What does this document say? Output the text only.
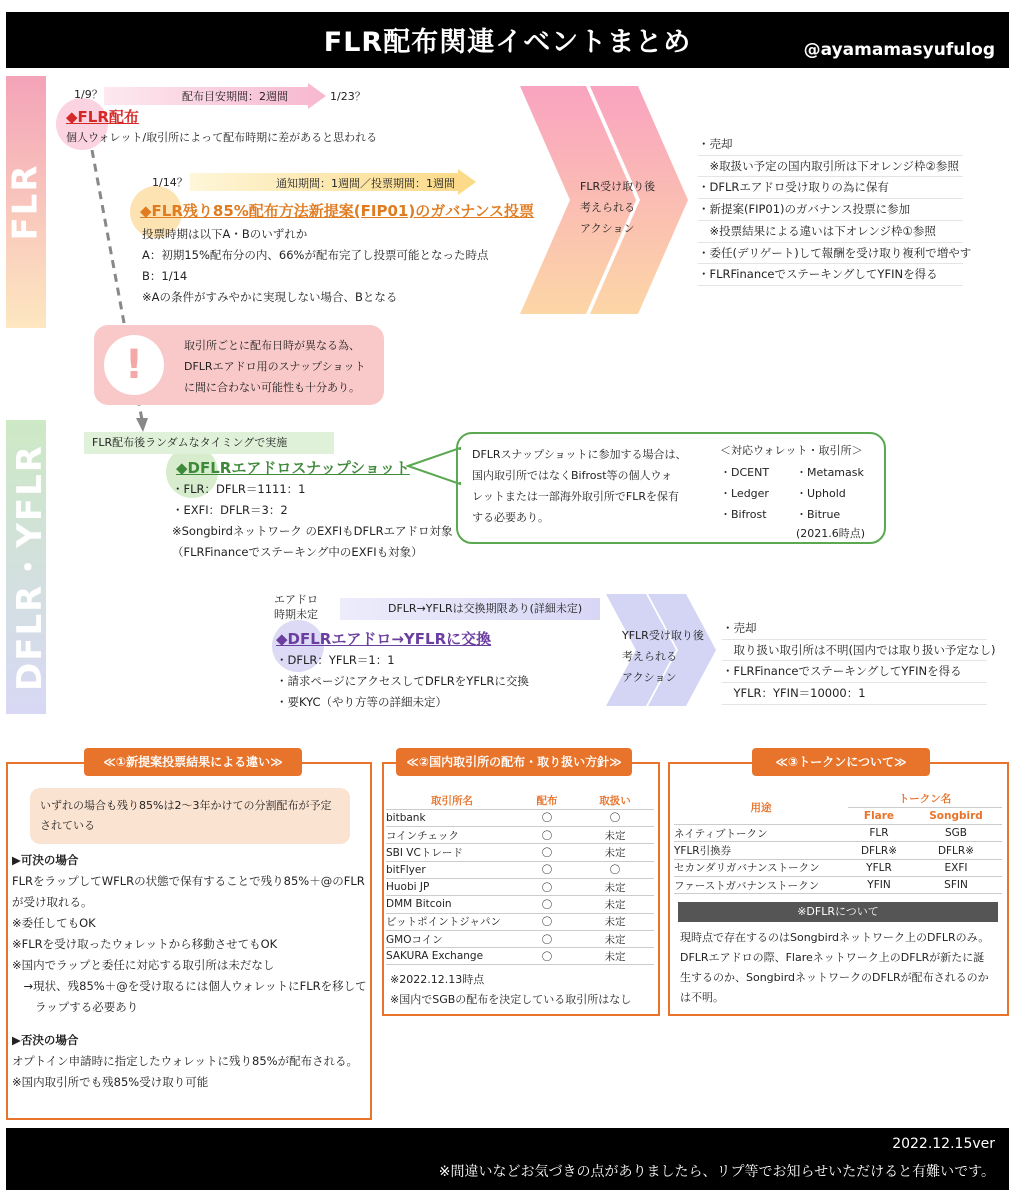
FLR配布関連イベントまとめ	@ayamamasyufulog
FLR
DFLR・YFLR
1/9？	配布目安期間：2週間	1/23？
◆FLR配布
個人ウォレット/取引所によって配布時期に差があると思われる
1/14？	通知期間：1週間／投票期間：1週間
◆FLR残り85%配布方法新提案(FIP01)のガバナンス投票
投票時期は以下A・Bのいずれか
A：初期15%配布分の内、66%が配布完了し投票可能となった時点
B：1/14
※Aの条件がすみやかに実現しない場合、Bとなる
FLR受け取り後
考えられる
アクション
・売却
　※取扱い予定の国内取引所は下オレンジ枠②参照
・DFLRエアドロ受け取りの為に保有
・新提案(FIP01)のガバナンス投票に参加
　※投票結果による違いは下オレンジ枠①参照
・委任(デリゲート)して報酬を受け取り複利で増やす
・FLRFinanceでステーキングしてYFINを得る
!	取引所ごとに配布日時が異なる為、
DFLRエアドロ用のスナップショット
に間に合わない可能性も十分あり。
FLR配布後ランダムなタイミングで実施
◆DFLRエアドロスナップショット
・FLR：DFLR＝1111：1
・EXFI：DFLR＝3：2
※Songbirdネットワーク のEXFIもDFLRエアドロ対象
（FLRFinanceでステーキング中のEXFIも対象）
DFLRスナップショットに参加する場合は、
国内取引所ではなくBifrost等の個人ウォ
レットまたは一部海外取引所でFLRを保有
する必要あり。
＜対応ウォレット・取引所＞
・DCENT
・Ledger
・Bifrost
・Metamask
・Uphold
・Bitrue
(2021.6時点)
エアドロ
時期未定	DFLR→YFLRは交換期限あり(詳細未定)
◆DFLRエアドロ→YFLRに交換
・DFLR：YFLR＝1：1
・請求ページにアクセスしてDFLRをYFLRに交換
・要KYC（やり方等の詳細未定）
YFLR受け取り後
考えられる
アクション
・売却
　取り扱い取引所は不明(国内では取り扱い予定なし)
・FLRFinanceでステーキングしてYFINを得る
　YFLR：YFIN＝10000：1
≪①新提案投票結果による違い≫
いずれの場合も残り85%は2〜3年かけての分割配布が予定
されている
▶可決の場合
FLRをラップしてWFLRの状態で保有することで残り85%＋@のFLR
が受け取れる。
※委任してもOK
※FLRを受け取ったウォレットから移動させてもOK
※国内でラップと委任に対応する取引所は未だなし
　→現状、残85%＋@を受け取るには個人ウォレットにFLRを移して
　　ラップする必要あり
▶否決の場合
オプトイン申請時に指定したウォレットに残り85%が配布される。
※国内取引所でも残85%受け取り可能
≪②国内取引所の配布・取り扱い方針≫
取引所名	配布	取扱い
bitbank	〇	〇
コインチェック	〇	未定
SBI VCトレード	〇	未定
bitFlyer	〇	〇
Huobi JP	〇	未定
DMM Bitcoin	〇	未定
ビットポイントジャパン	〇	未定
GMOコイン	〇	未定
SAKURA Exchange	〇	未定
※2022.12.13時点
※国内でSGBの配布を決定している取引所はなし
≪③トークンについて≫
用途	トークン名	
	Flare	Songbird
ネイティブトークン	FLR	SGB
YFLR引換券	DFLR※	DFLR※
セカンダリガバナンストークン	YFLR	EXFI
ファーストガバナンストークン	YFIN	SFIN
※DFLRについて
現時点で存在するのはSongbirdネットワーク上のDFLRのみ。
DFLRエアドロの際、Flareネットワーク上のDFLRが新たに誕
生するのか、SongbirdネットワークのDFLRが配布されるのか
は不明。
2022.12.15ver
※間違いなどお気づきの点がありましたら、リプ等でお知らせいただけると有難いです。
